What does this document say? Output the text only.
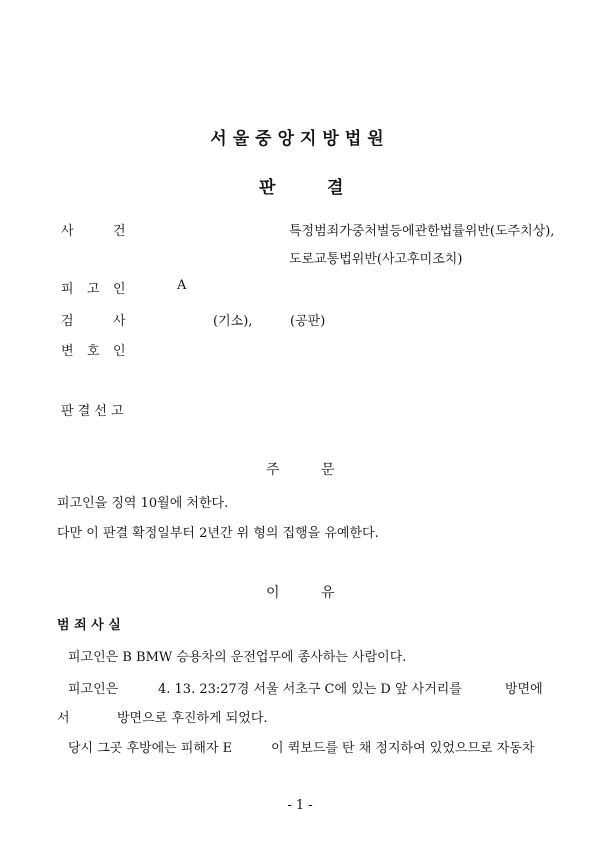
서울중앙지방법원
판	결
사	건	특정범죄가중처벌등에관한법률위반(도주치상),
도로교통법위반(사고후미조치)
피 고 인	A
검	사	(기소),	(공판)
변 호 인
판 결 선 고
주	문
피고인을 징역 10월에 처한다.
다만 이 판결 확정일부터 2년간 위 형의 집행을 유예한다.
이	유
범 죄 사 실
피고인은 B BMW 승용차의 운전업무에 종사하는 사람이다.
피고인은	4. 13. 23:27경 서울 서초구 C에 있는 D 앞 사거리를	방면에
서	방면으로 후진하게 되었다.
당시 그곳 후방에는 피해자 E	이 퀵보드를 탄 채 정지하여 있었으므로 자동차
- 1 -
